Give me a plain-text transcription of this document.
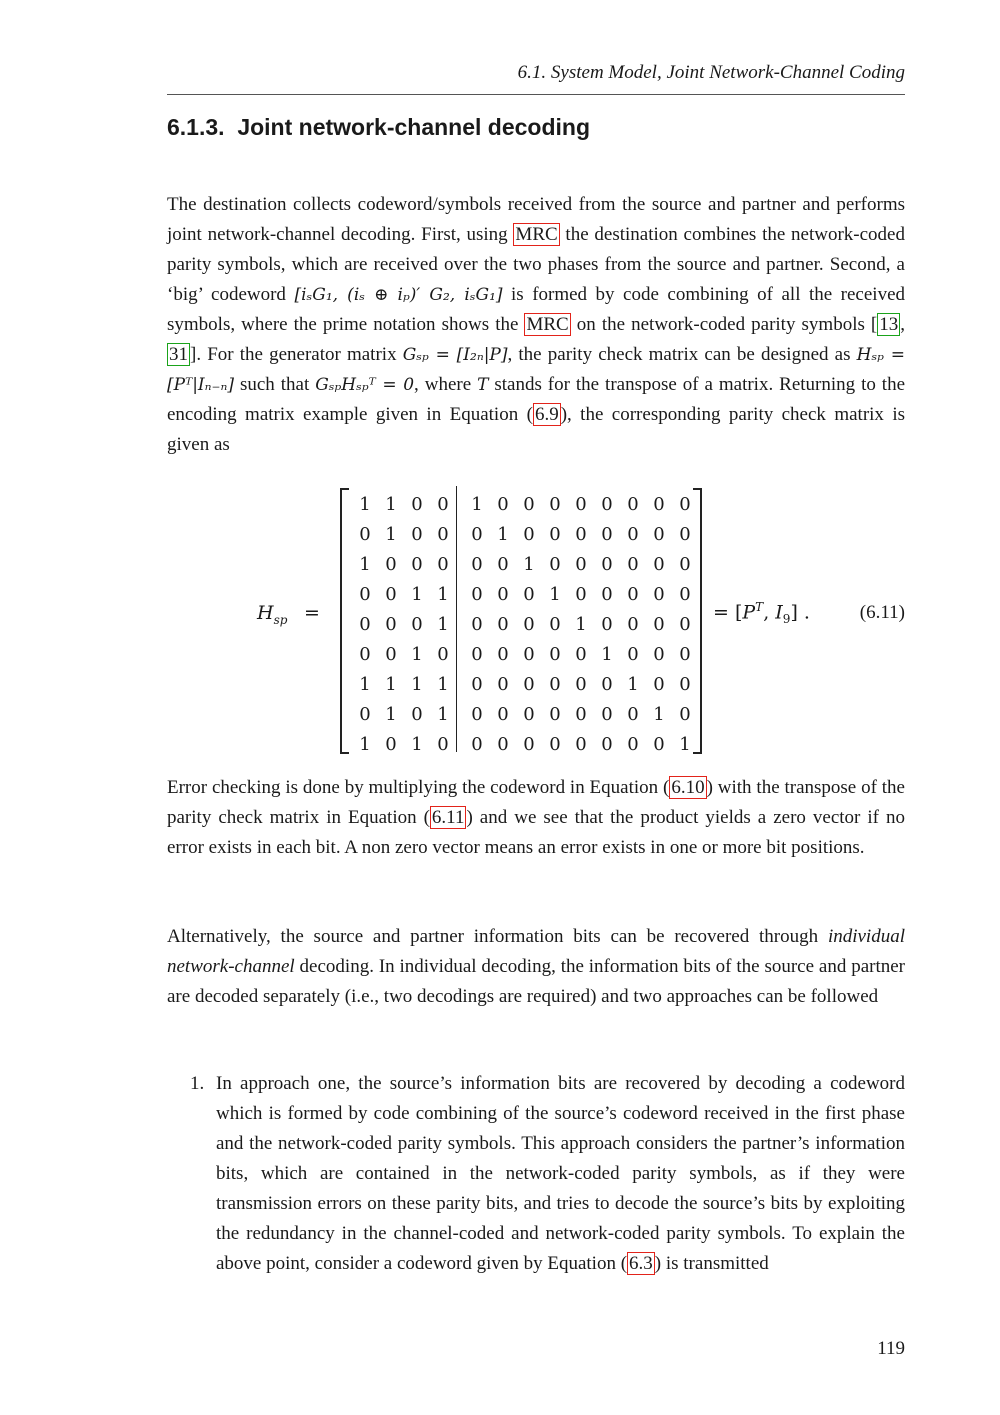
6.1. System Model, Joint Network-Channel Coding
6.1.3. Joint network-channel decoding
The destination collects codeword/symbols received from the source and partner and performs joint network-channel decoding. First, using MRC the destination combines the network-coded parity symbols, which are received over the two phases from the source and partner. Second, a ‘big’ codeword [iₛG₁, (iₛ ⊕ iₚ)′ G₂, iₛG₁] is formed by code combining of all the received symbols, where the prime notation shows the MRC on the network-coded parity symbols [ 13 , 31 ]. For the generator matrix Gₛₚ = [I₂ₙ|P], the parity check matrix can be designed as Hₛₚ = [Pᵀ|Iₙ₋ₙ] such that GₛₚHₛₚᵀ = 0, where T stands for the transpose of a matrix. Returning to the encoding matrix example given in Equation ( 6.9 ), the corresponding parity check matrix is given as
$H_{sp}$ =
1 1 0 0	1 0 0 0 0 0 0 0 0
0 1 0 0	0 1 0 0 0 0 0 0 0
1 0 0 0	0 0 1 0 0 0 0 0 0
0 0 1 1	0 0 0 1 0 0 0 0 0
0 0 0 1	0 0 0 0 1 0 0 0 0
0 0 1 0	0 0 0 0 0 1 0 0 0
1 1 1 1	0 0 0 0 0 0 1 0 0
0 1 0 1	0 0 0 0 0 0 0 1 0
1 0 1 0	0 0 0 0 0 0 0 0 1
= [$P^T$, $I_9$] .	(6.11)
Error checking is done by multiplying the codeword in Equation ( 6.10 ) with the transpose of the parity check matrix in Equation ( 6.11 ) and we see that the product yields a zero vector if no error exists in each bit. A non zero vector means an error exists in one or more bit positions.
Alternatively, the source and partner information bits can be recovered through individual network-channel decoding. In individual decoding, the information bits of the source and partner are decoded separately (i.e., two decodings are required) and two approaches can be followed
1. In approach one, the source’s information bits are recovered by decoding a codeword which is formed by code combining of the source’s codeword received in the first phase and the network-coded parity symbols. This approach considers the partner’s information bits, which are contained in the network-coded parity symbols, as if they were transmission errors on these parity bits, and tries to decode the source’s bits by exploiting the redundancy in the channel-coded and network-coded parity symbols. To explain the above point, consider a codeword given by Equation ( 6.3 ) is transmitted
119
